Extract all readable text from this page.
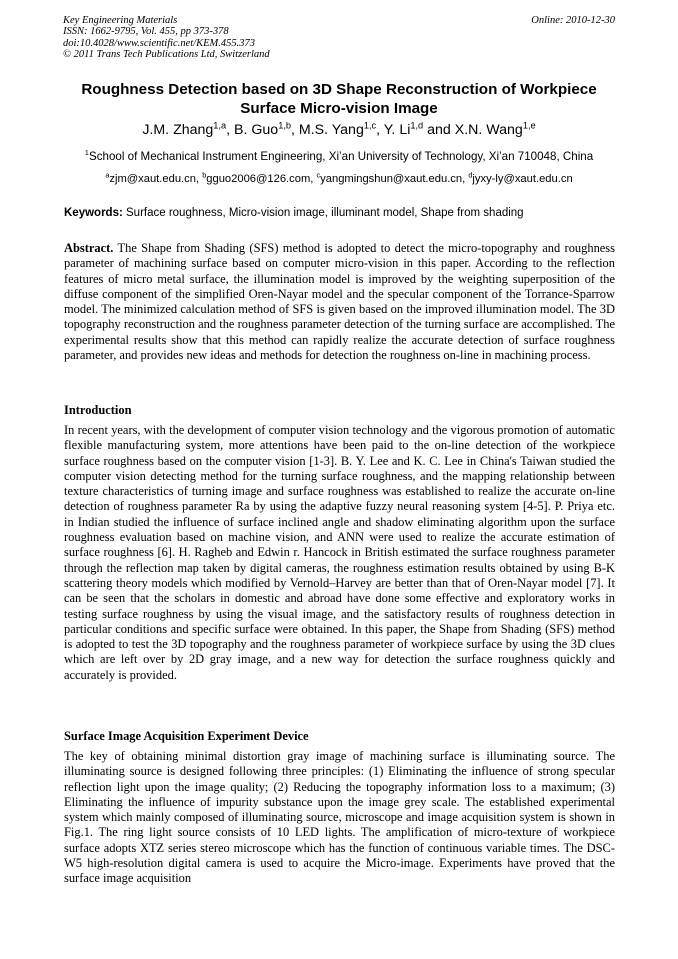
Key Engineering Materials
ISSN: 1662-9795, Vol. 455, pp 373-378
doi:10.4028/www.scientific.net/KEM.455.373
© 2011 Trans Tech Publications Ltd, Switzerland
Online: 2010-12-30
Roughness Detection based on 3D Shape Reconstruction of Workpiece Surface Micro-vision Image
J.M. Zhang$^{1,a}$, B. Guo$^{1,b}$, M.S. Yang$^{1,c}$, Y. Li$^{1,d}$ and X.N. Wang$^{1,e}$
$^1$School of Mechanical Instrument Engineering, Xi’an University of Technology, Xi’an 710048, China
$^a$zjm@xaut.edu.cn, $^b$gguo2006@126.com, $^c$yangmingshun@xaut.edu.cn, $^d$jyxy-ly@xaut.edu.cn
Keywords: Surface roughness, Micro-vision image, illuminant model, Shape from shading
Abstract. The Shape from Shading (SFS) method is adopted to detect the micro-topography and roughness parameter of machining surface based on computer micro-vision in this paper. According to the reflection features of micro metal surface, the illumination model is improved by the weighting superposition of the diffuse component of the simplified Oren-Nayar model and the specular component of the Torrance-Sparrow model. The minimized calculation method of SFS is given based on the improved illumination model. The 3D topography reconstruction and the roughness parameter detection of the turning surface are accomplished. The experimental results show that this method can rapidly realize the accurate detection of surface roughness parameter, and provides new ideas and methods for detection the roughness on-line in machining process.
Introduction
In recent years, with the development of computer vision technology and the vigorous promotion of automatic flexible manufacturing system, more attentions have been paid to the on-line detection of the workpiece surface roughness based on the computer vision [1-3]. B. Y. Lee and K. C. Lee in China's Taiwan studied the computer vision detecting method for the turning surface roughness, and the mapping relationship between texture characteristics of turning image and surface roughness was established to realize the accurate on-line detection of roughness parameter Ra by using the adaptive fuzzy neural reasoning system [4-5]. P. Priya etc. in Indian studied the influence of surface inclined angle and shadow eliminating algorithm upon the surface roughness evaluation based on machine vision, and ANN were used to realize the accurate estimation of surface roughness [6]. H. Ragheb and Edwin r. Hancock in British estimated the surface roughness parameter through the reflection map taken by digital cameras, the roughness estimation results obtained by using B-K scattering theory models which modified by Vernold–Harvey are better than that of Oren-Nayar model [7]. It can be seen that the scholars in domestic and abroad have done some effective and exploratory works in testing surface roughness by using the visual image, and the satisfactory results of roughness detection in particular conditions and specific surface were obtained. In this paper, the Shape from Shading (SFS) method is adopted to test the 3D topography and the roughness parameter of workpiece surface by using the 3D clues which are left over by 2D gray image, and a new way for detection the surface roughness quickly and accurately is provided.
Surface Image Acquisition Experiment Device
The key of obtaining minimal distortion gray image of machining surface is illuminating source. The illuminating source is designed following three principles: (1) Eliminating the influence of strong specular reflection light upon the image quality; (2) Reducing the topography information loss to a maximum; (3) Eliminating the influence of impurity substance upon the image grey scale. The established experimental system which mainly composed of illuminating source, microscope and image acquisition system is shown in Fig.1. The ring light source consists of 10 LED lights. The amplification of micro-texture of workpiece surface adopts XTZ series stereo microscope which has the function of continuous variable times. The DSC-W5 high-resolution digital camera is used to acquire the Micro-image. Experiments have proved that the surface image acquisition
